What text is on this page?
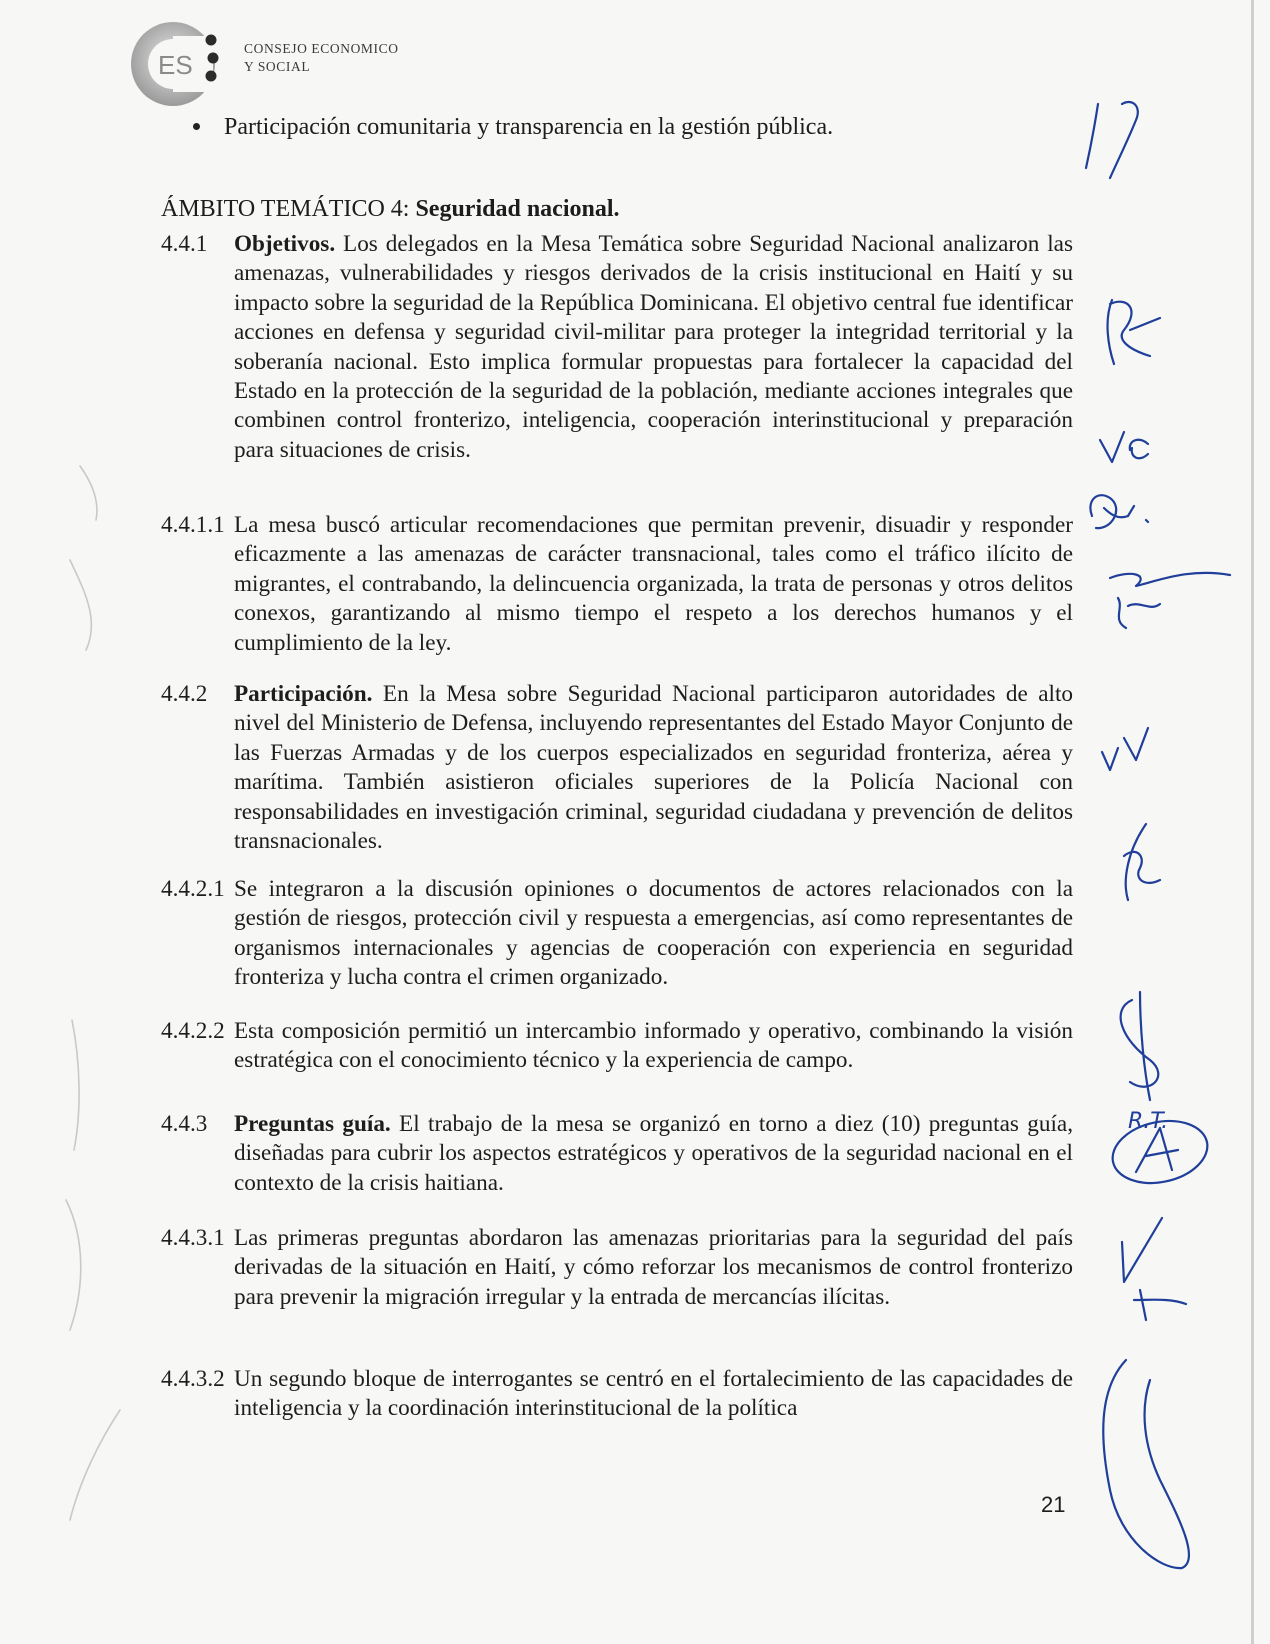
ES
CONSEJO ECONOMICO
Y SOCIAL
Participación comunitaria y transparencia en la gestión pública.
ÁMBITO TEMÁTICO 4: Seguridad nacional.
4.4.1 Objetivos. Los delegados en la Mesa Temática sobre Seguridad Nacional analizaron las amenazas, vulnerabilidades y riesgos derivados de la crisis institucional en Haití y su impacto sobre la seguridad de la República Dominicana. El objetivo central fue identificar acciones en defensa y seguridad civil-militar para proteger la integridad territorial y la soberanía nacional. Esto implica formular propuestas para fortalecer la capacidad del Estado en la protección de la seguridad de la población, mediante acciones integrales que combinen control fronterizo, inteligencia, cooperación interinstitucional y preparación para situaciones de crisis.
4.4.1.1 La mesa buscó articular recomendaciones que permitan prevenir, disuadir y responder eficazmente a las amenazas de carácter transnacional, tales como el tráfico ilícito de migrantes, el contrabando, la delincuencia organizada, la trata de personas y otros delitos conexos, garantizando al mismo tiempo el respeto a los derechos humanos y el cumplimiento de la ley.
4.4.2 Participación. En la Mesa sobre Seguridad Nacional participaron autoridades de alto nivel del Ministerio de Defensa, incluyendo representantes del Estado Mayor Conjunto de las Fuerzas Armadas y de los cuerpos especializados en seguridad fronteriza, aérea y marítima. También asistieron oficiales superiores de la Policía Nacional con responsabilidades en investigación criminal, seguridad ciudadana y prevención de delitos transnacionales.
4.4.2.1 Se integraron a la discusión opiniones o documentos de actores relacionados con la gestión de riesgos, protección civil y respuesta a emergencias, así como representantes de organismos internacionales y agencias de cooperación con experiencia en seguridad fronteriza y lucha contra el crimen organizado.
4.4.2.2 Esta composición permitió un intercambio informado y operativo, combinando la visión estratégica con el conocimiento técnico y la experiencia de campo.
4.4.3 Preguntas guía. El trabajo de la mesa se organizó en torno a diez (10) preguntas guía, diseñadas para cubrir los aspectos estratégicos y operativos de la seguridad nacional en el contexto de la crisis haitiana.
4.4.3.1 Las primeras preguntas abordaron las amenazas prioritarias para la seguridad del país derivadas de la situación en Haití, y cómo reforzar los mecanismos de control fronterizo para prevenir la migración irregular y la entrada de mercancías ilícitas.
4.4.3.2 Un segundo bloque de interrogantes se centró en el fortalecimiento de las capacidades de inteligencia y la coordinación interinstitucional de la política
21
R.T.
